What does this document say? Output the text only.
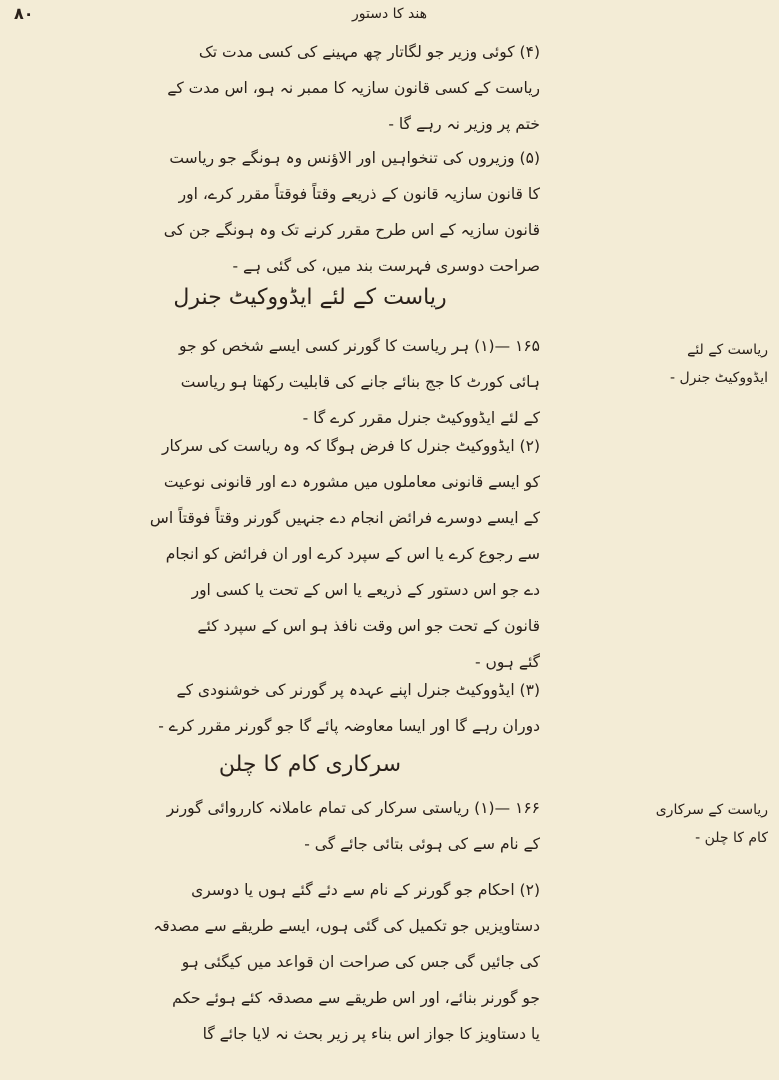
۸۰	ھند کا دستور
(۴) کوئی وزیر جو لگاتار چھ مہینے کی کسی مدت تک
ریاست کے کسی قانون سازیہ کا ممبر نہ ہو، اس مدت کے
ختم پر وزیر نہ رہے گا -
(۵) وزیروں کی تنخواہیں اور الاؤنس وہ ہونگے جو ریاست
کا قانون سازیہ قانون کے ذریعے وقتاً فوقتاً مقرر کرے، اور
قانون سازیہ کے اس طرح مقرر کرنے تک وہ ہونگے جن کی
صراحت دوسری فہرست بند میں، کی گئی ہے -
ریاست کے لئے ایڈووکیٹ جنرل
ریاست کے لئے
ایڈووکیٹ جنرل -
۱۶۵ —(۱) ہر ریاست کا گورنر کسی ایسے شخص کو جو
ہائی کورٹ کا جج بنائے جانے کی قابلیت رکھتا ہو ریاست
کے لئے ایڈووکیٹ جنرل مقرر کرے گا -
(۲) ایڈووکیٹ جنرل کا فرض ہوگا کہ وہ ریاست کی سرکار
کو ایسے قانونی معاملوں میں مشورہ دے اور قانونی نوعیت
کے ایسے دوسرے فرائض انجام دے جنہیں گورنر وقتاً فوقتاً اس
سے رجوع کرے یا اس کے سپرد کرے اور ان فرائض کو انجام
دے جو اس دستور کے ذریعے یا اس کے تحت یا کسی اور
قانون کے تحت جو اس وقت نافذ ہو اس کے سپرد کئے
گئے ہوں -
(۳) ایڈووکیٹ جنرل اپنے عہدہ پر گورنر کی خوشنودی کے
دوران رہے گا اور ایسا معاوضہ پائے گا جو گورنر مقرر کرے -
سرکاری کام کا چلن
ریاست کے سرکاری
کام کا چلن -
۱۶۶ —(۱) ریاستی سرکار کی تمام عاملانہ کارروائی گورنر
کے نام سے کی ہوئی بتائی جائے گی -
(۲) احکام جو گورنر کے نام سے دئے گئے ہوں یا دوسری
دستاویزیں جو تکمیل کی گئی ہوں، ایسے طریقے سے مصدقہ
کی جائیں گی جس کی صراحت ان قواعد میں کیگئی ہو
جو گورنر بنائے، اور اس طریقے سے مصدقہ کئے ہوئے حکم
یا دستاویز کا جواز اس بناء پر زیر بحث نہ لایا جائے گا
